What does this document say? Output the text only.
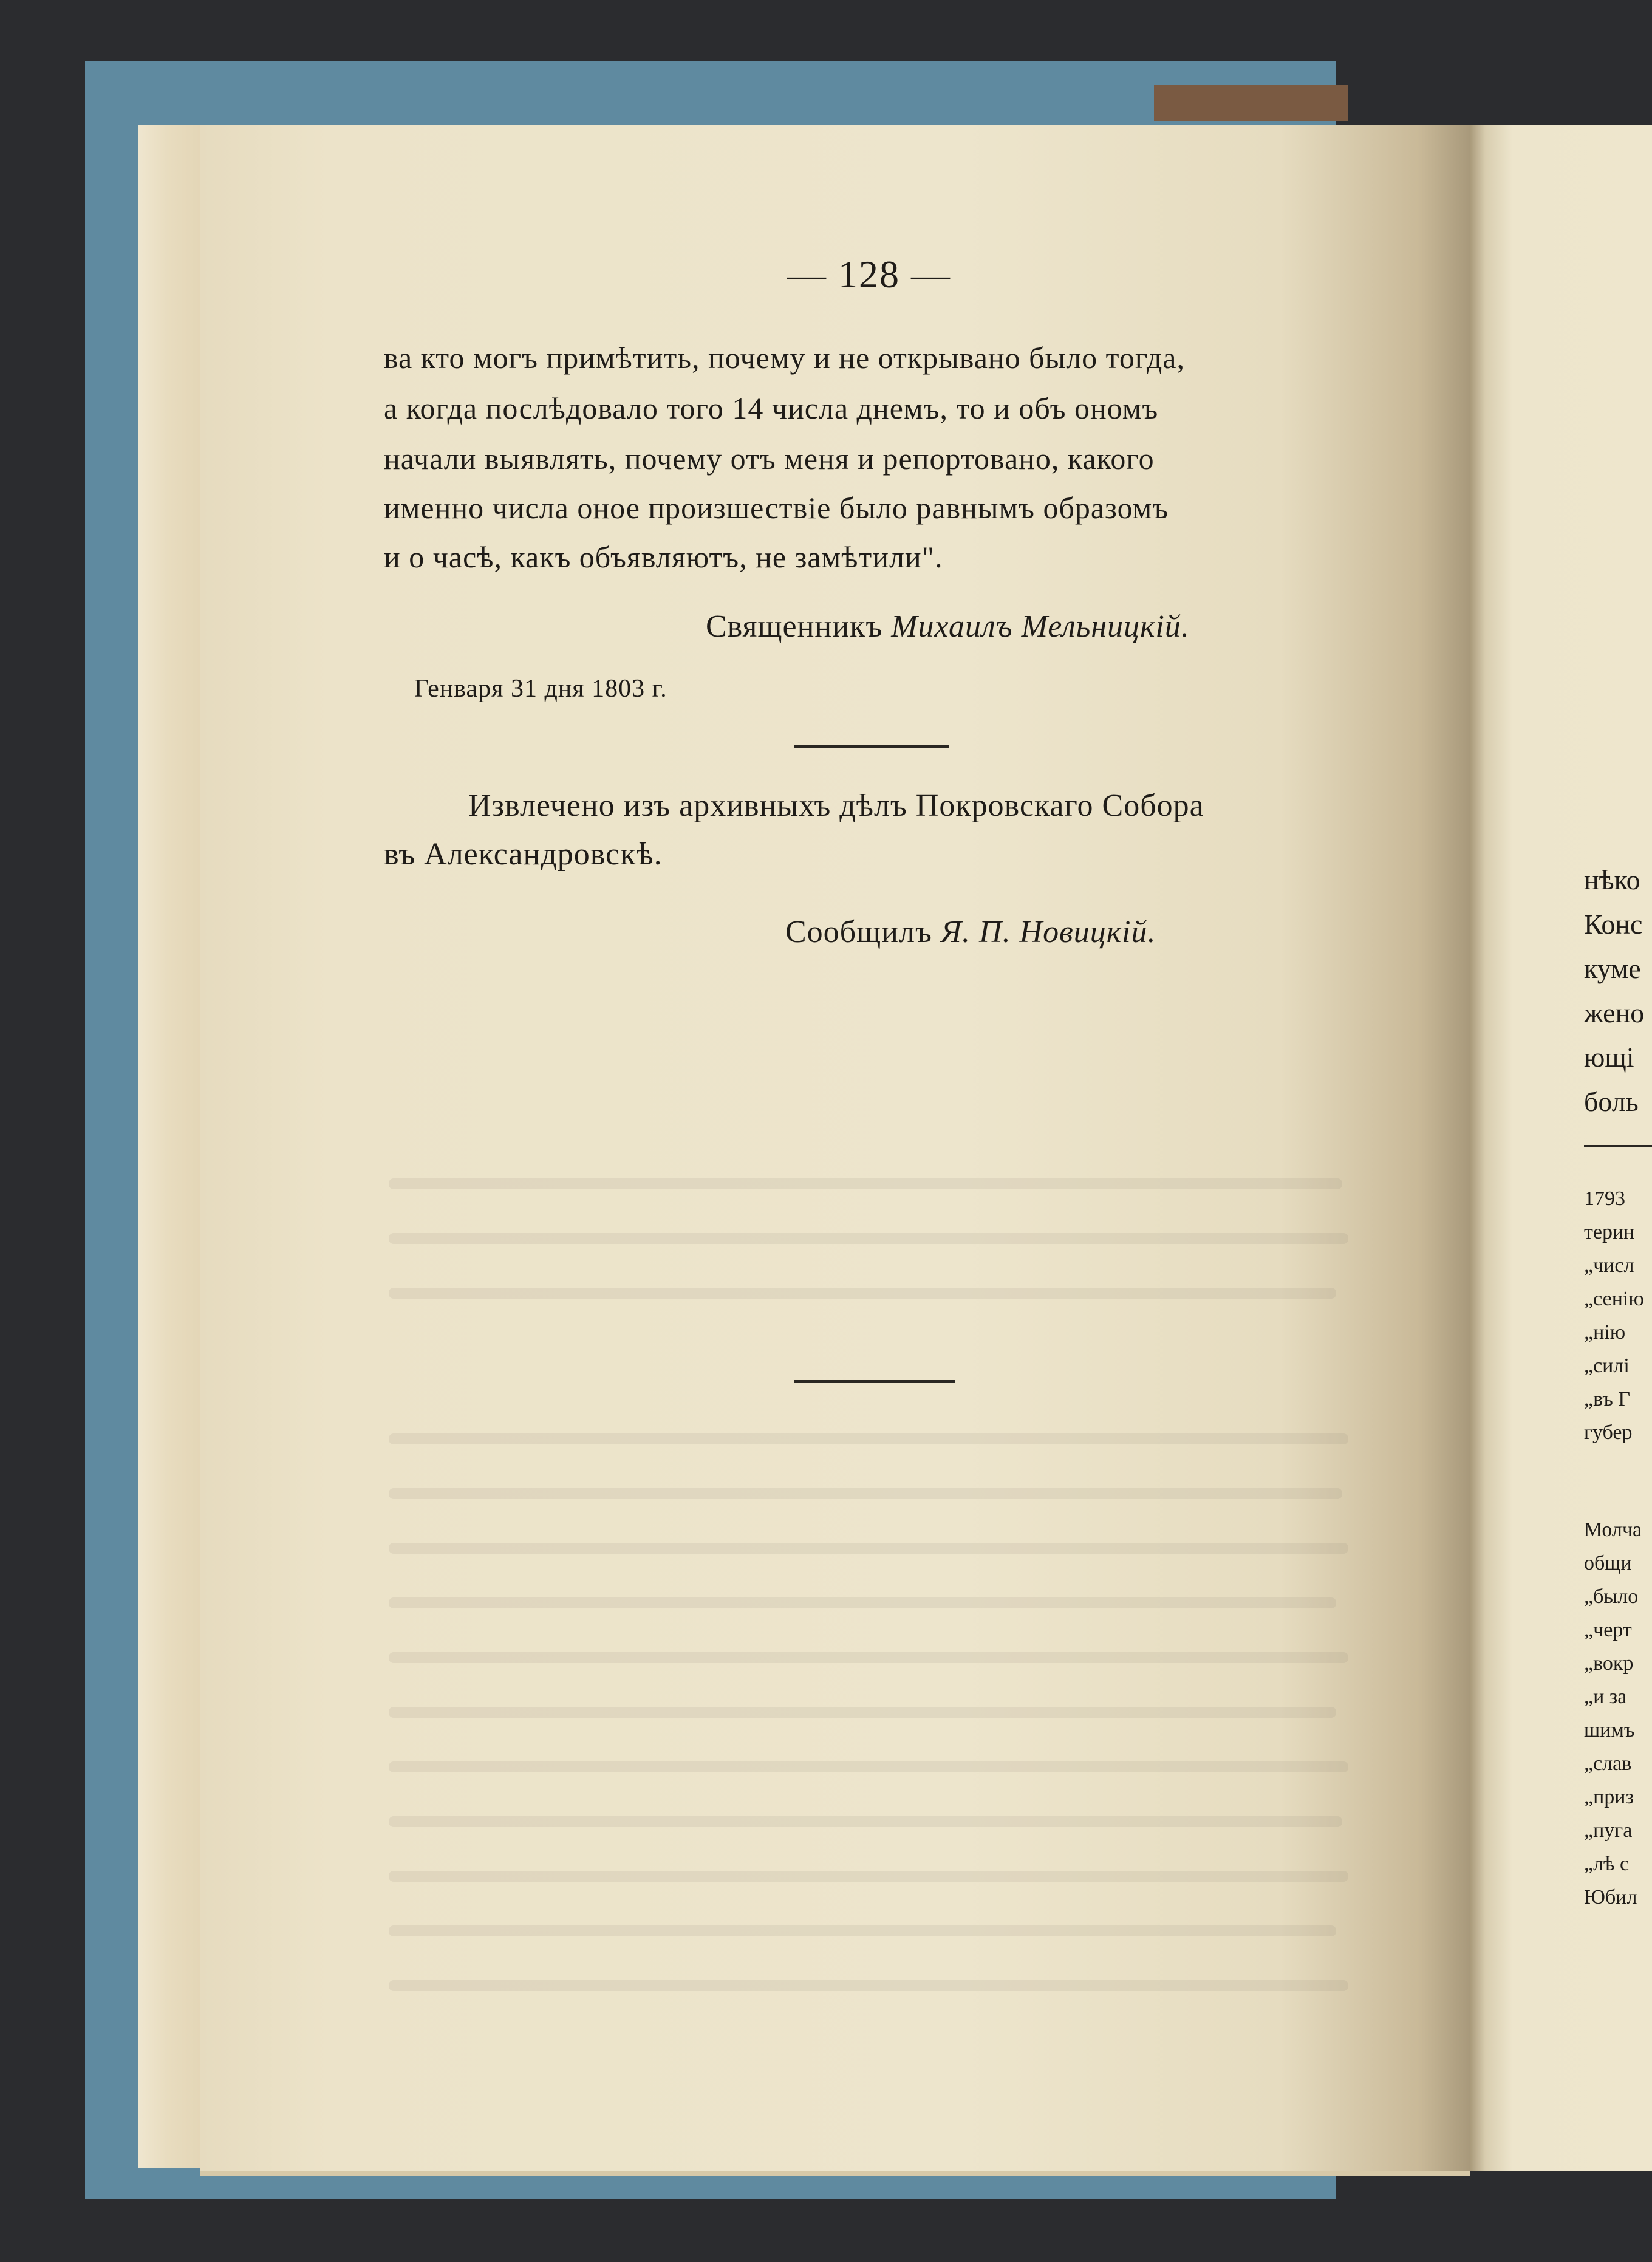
— 128 —
ва кто могъ примѣтить, почему и не открывано было тогда,
а когда послѣдовало того 14 числа днемъ, то и объ ономъ
начали выявлять, почему отъ меня и репортовано, какого
именно числа оное произшествіе было равнымъ образомъ
и о часѣ, какъ объявляютъ, не замѣтили".
Священникъ Михаилъ Мельницкій.
Генваря 31 дня 1803 г.
Извлечено изъ архивныхъ дѣлъ Покровскаго Собора
въ Александровскѣ.
Сообщилъ Я. П. Новицкій.
нѣко
Конс
куме
жено
ющі
боль
1793
терин
„числ
„сенію
„нію
„силі
„въ Г
губер
Молча
общи
„было
„черт
„вокр
„и за
шимъ
„слав
„приз
„пуга
„лѣ с
Юбил
